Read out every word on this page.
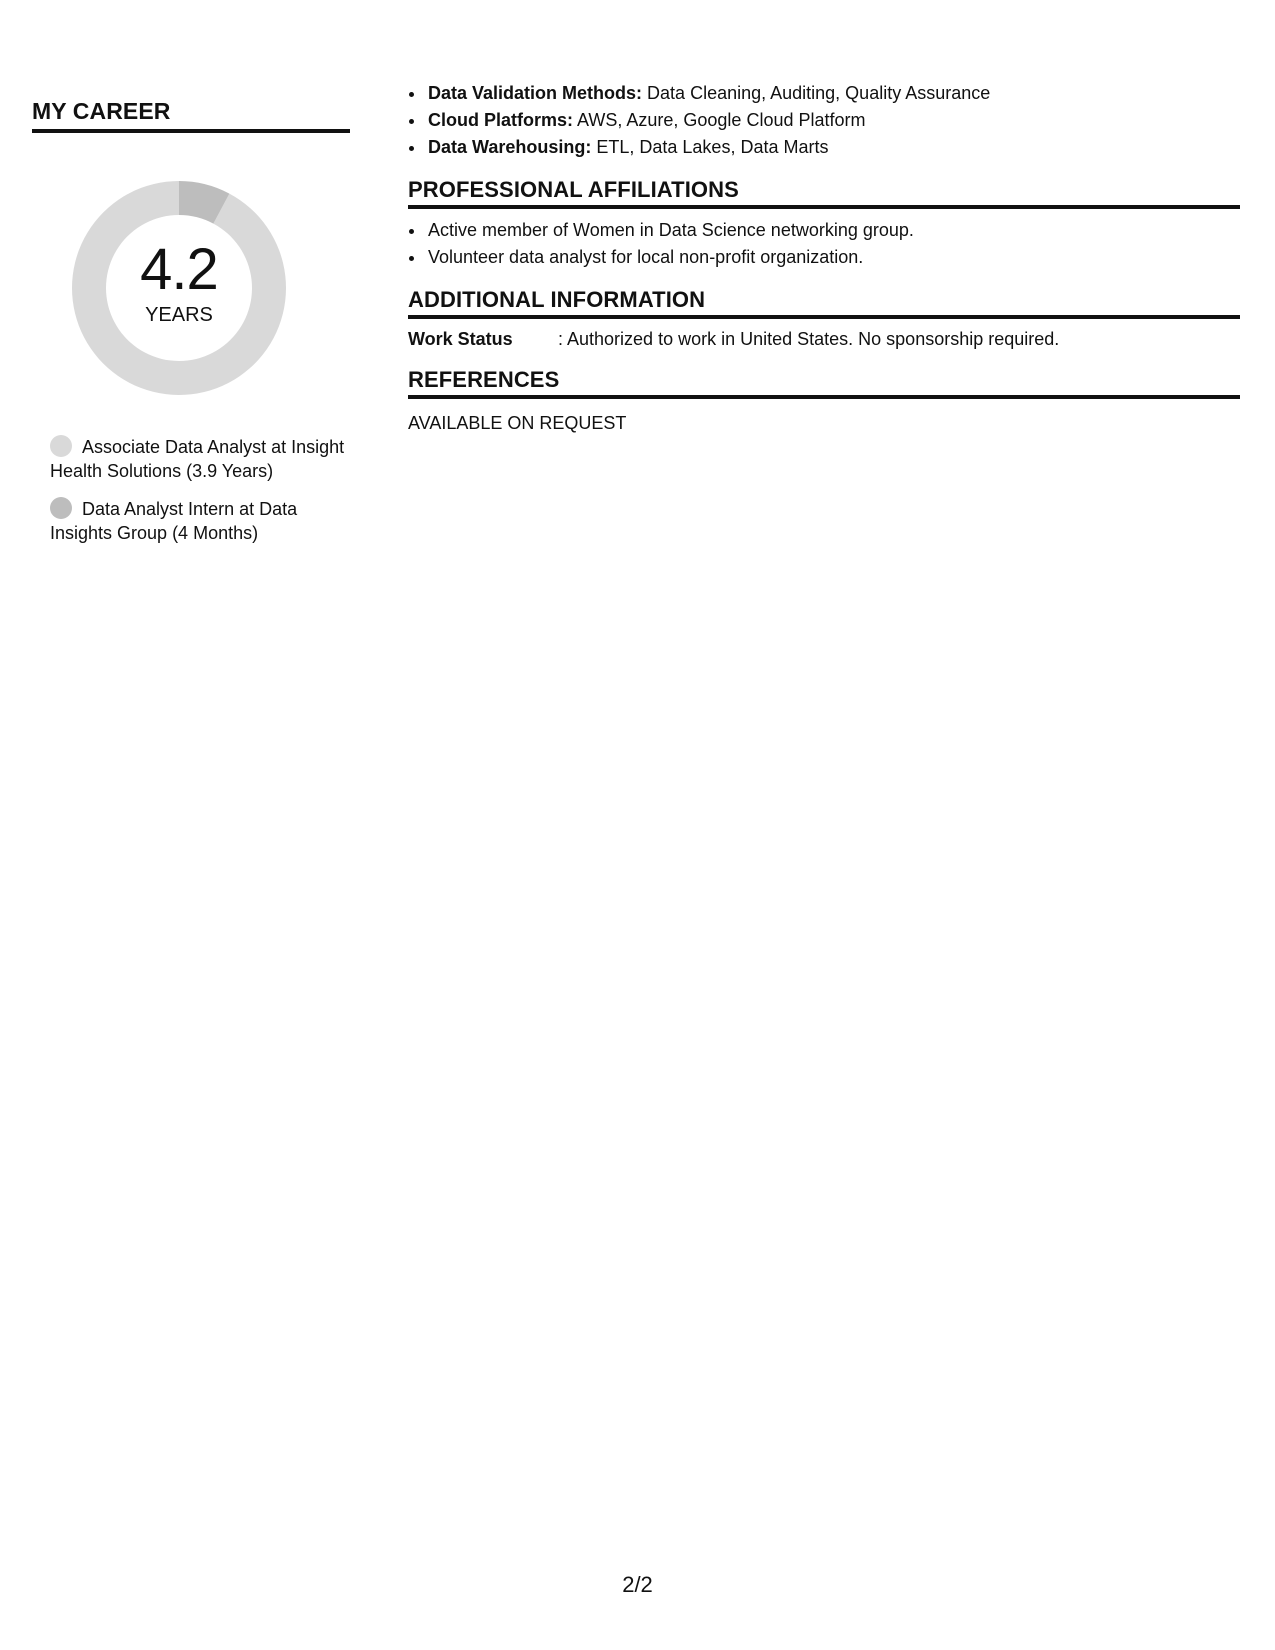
MY CAREER
4.2
YEARS
Associate Data Analyst at Insight Health Solutions (3.9 Years)
Data Analyst Intern at Data Insights Group (4 Months)
• Data Validation Methods: Data Cleaning, Auditing, Quality Assurance
• Cloud Platforms: AWS, Azure, Google Cloud Platform
• Data Warehousing: ETL, Data Lakes, Data Marts
PROFESSIONAL AFFILIATIONS
• Active member of Women in Data Science networking group.
• Volunteer data analyst for local non-profit organization.
ADDITIONAL INFORMATION
Work Status	: Authorized to work in United States. No sponsorship required.
REFERENCES
AVAILABLE ON REQUEST
2/2
